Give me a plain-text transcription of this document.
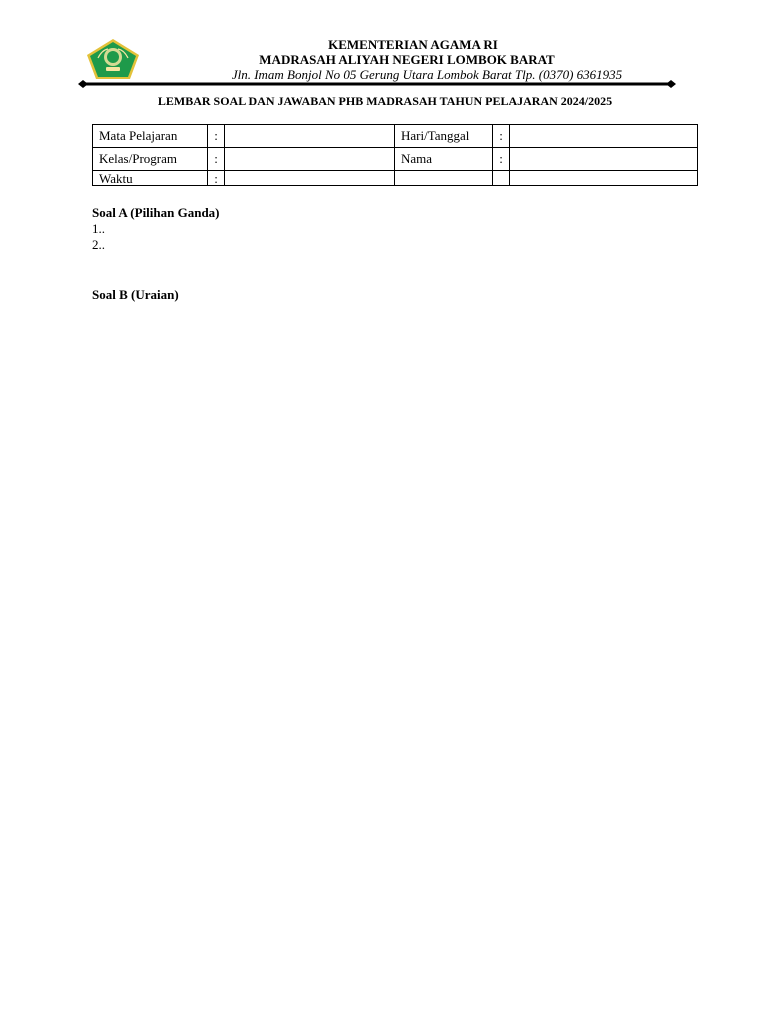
KEMENTERIAN AGAMA RI
MADRASAH ALIYAH NEGERI LOMBOK BARAT
Jln. Imam Bonjol No 05 Gerung Utara Lombok Barat Tlp. (0370) 6361935
LEMBAR SOAL DAN JAWABAN PHB MADRASAH TAHUN PELAJARAN 2024/2025
Mata Pelajaran	:		Hari/Tanggal	:	
Kelas/Program	:		Nama	:	
Waktu	:				
Soal A (Pilihan Ganda)
1..
2..
Soal B (Uraian)
